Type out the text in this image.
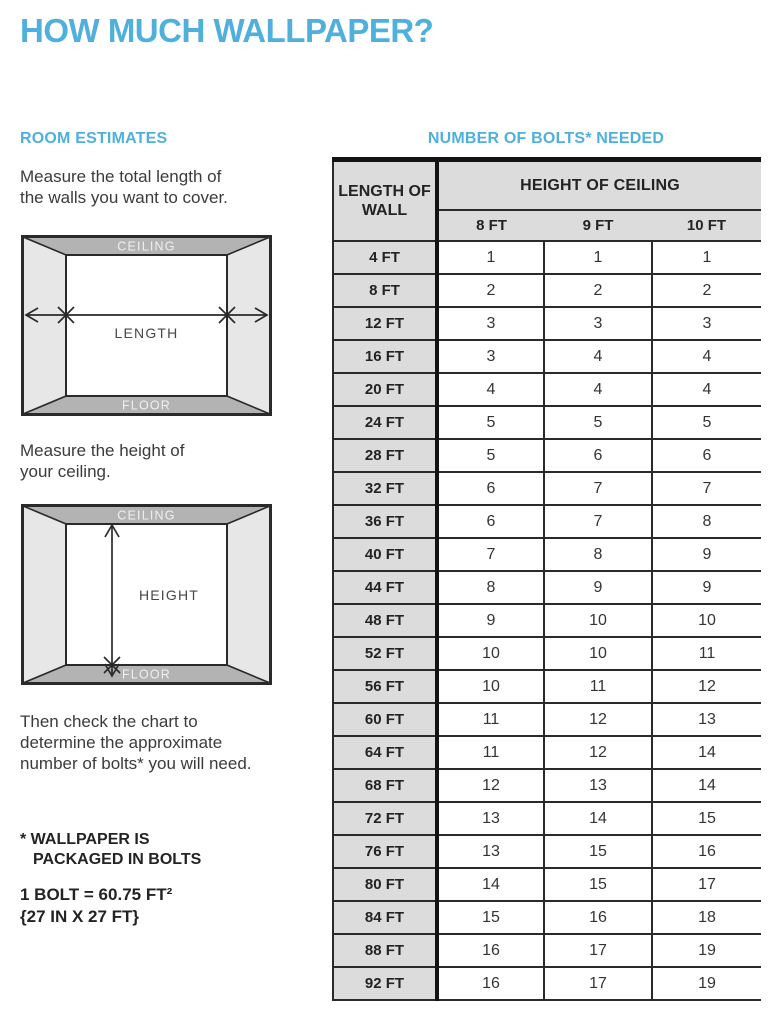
HOW MUCH WALLPAPER?
ROOM ESTIMATES	NUMBER OF BOLTS* NEEDED
Measure the total length of
the walls you want to cover.
CEILING
FLOOR
LENGTH
Measure the height of
your ceiling.
CEILING
FLOOR
HEIGHT
Then check the chart to
determine the approximate
number of bolts* you will need.
* WALLPAPER IS
PACKAGED IN BOLTS
1 BOLT = 60.75 FT²
{27 IN X 27 FT}
LENGTH OF WALL	HEIGHT OF CEILING		
	8 FT	9 FT	10 FT
4 FT	1	1	1
8 FT	2	2	2
12 FT	3	3	3
16 FT	3	4	4
20 FT	4	4	4
24 FT	5	5	5
28 FT	5	6	6
32 FT	6	7	7
36 FT	6	7	8
40 FT	7	8	9
44 FT	8	9	9
48 FT	9	10	10
52 FT	10	10	11
56 FT	10	11	12
60 FT	11	12	13
64 FT	11	12	14
68 FT	12	13	14
72 FT	13	14	15
76 FT	13	15	16
80 FT	14	15	17
84 FT	15	16	18
88 FT	16	17	19
92 FT	16	17	19
